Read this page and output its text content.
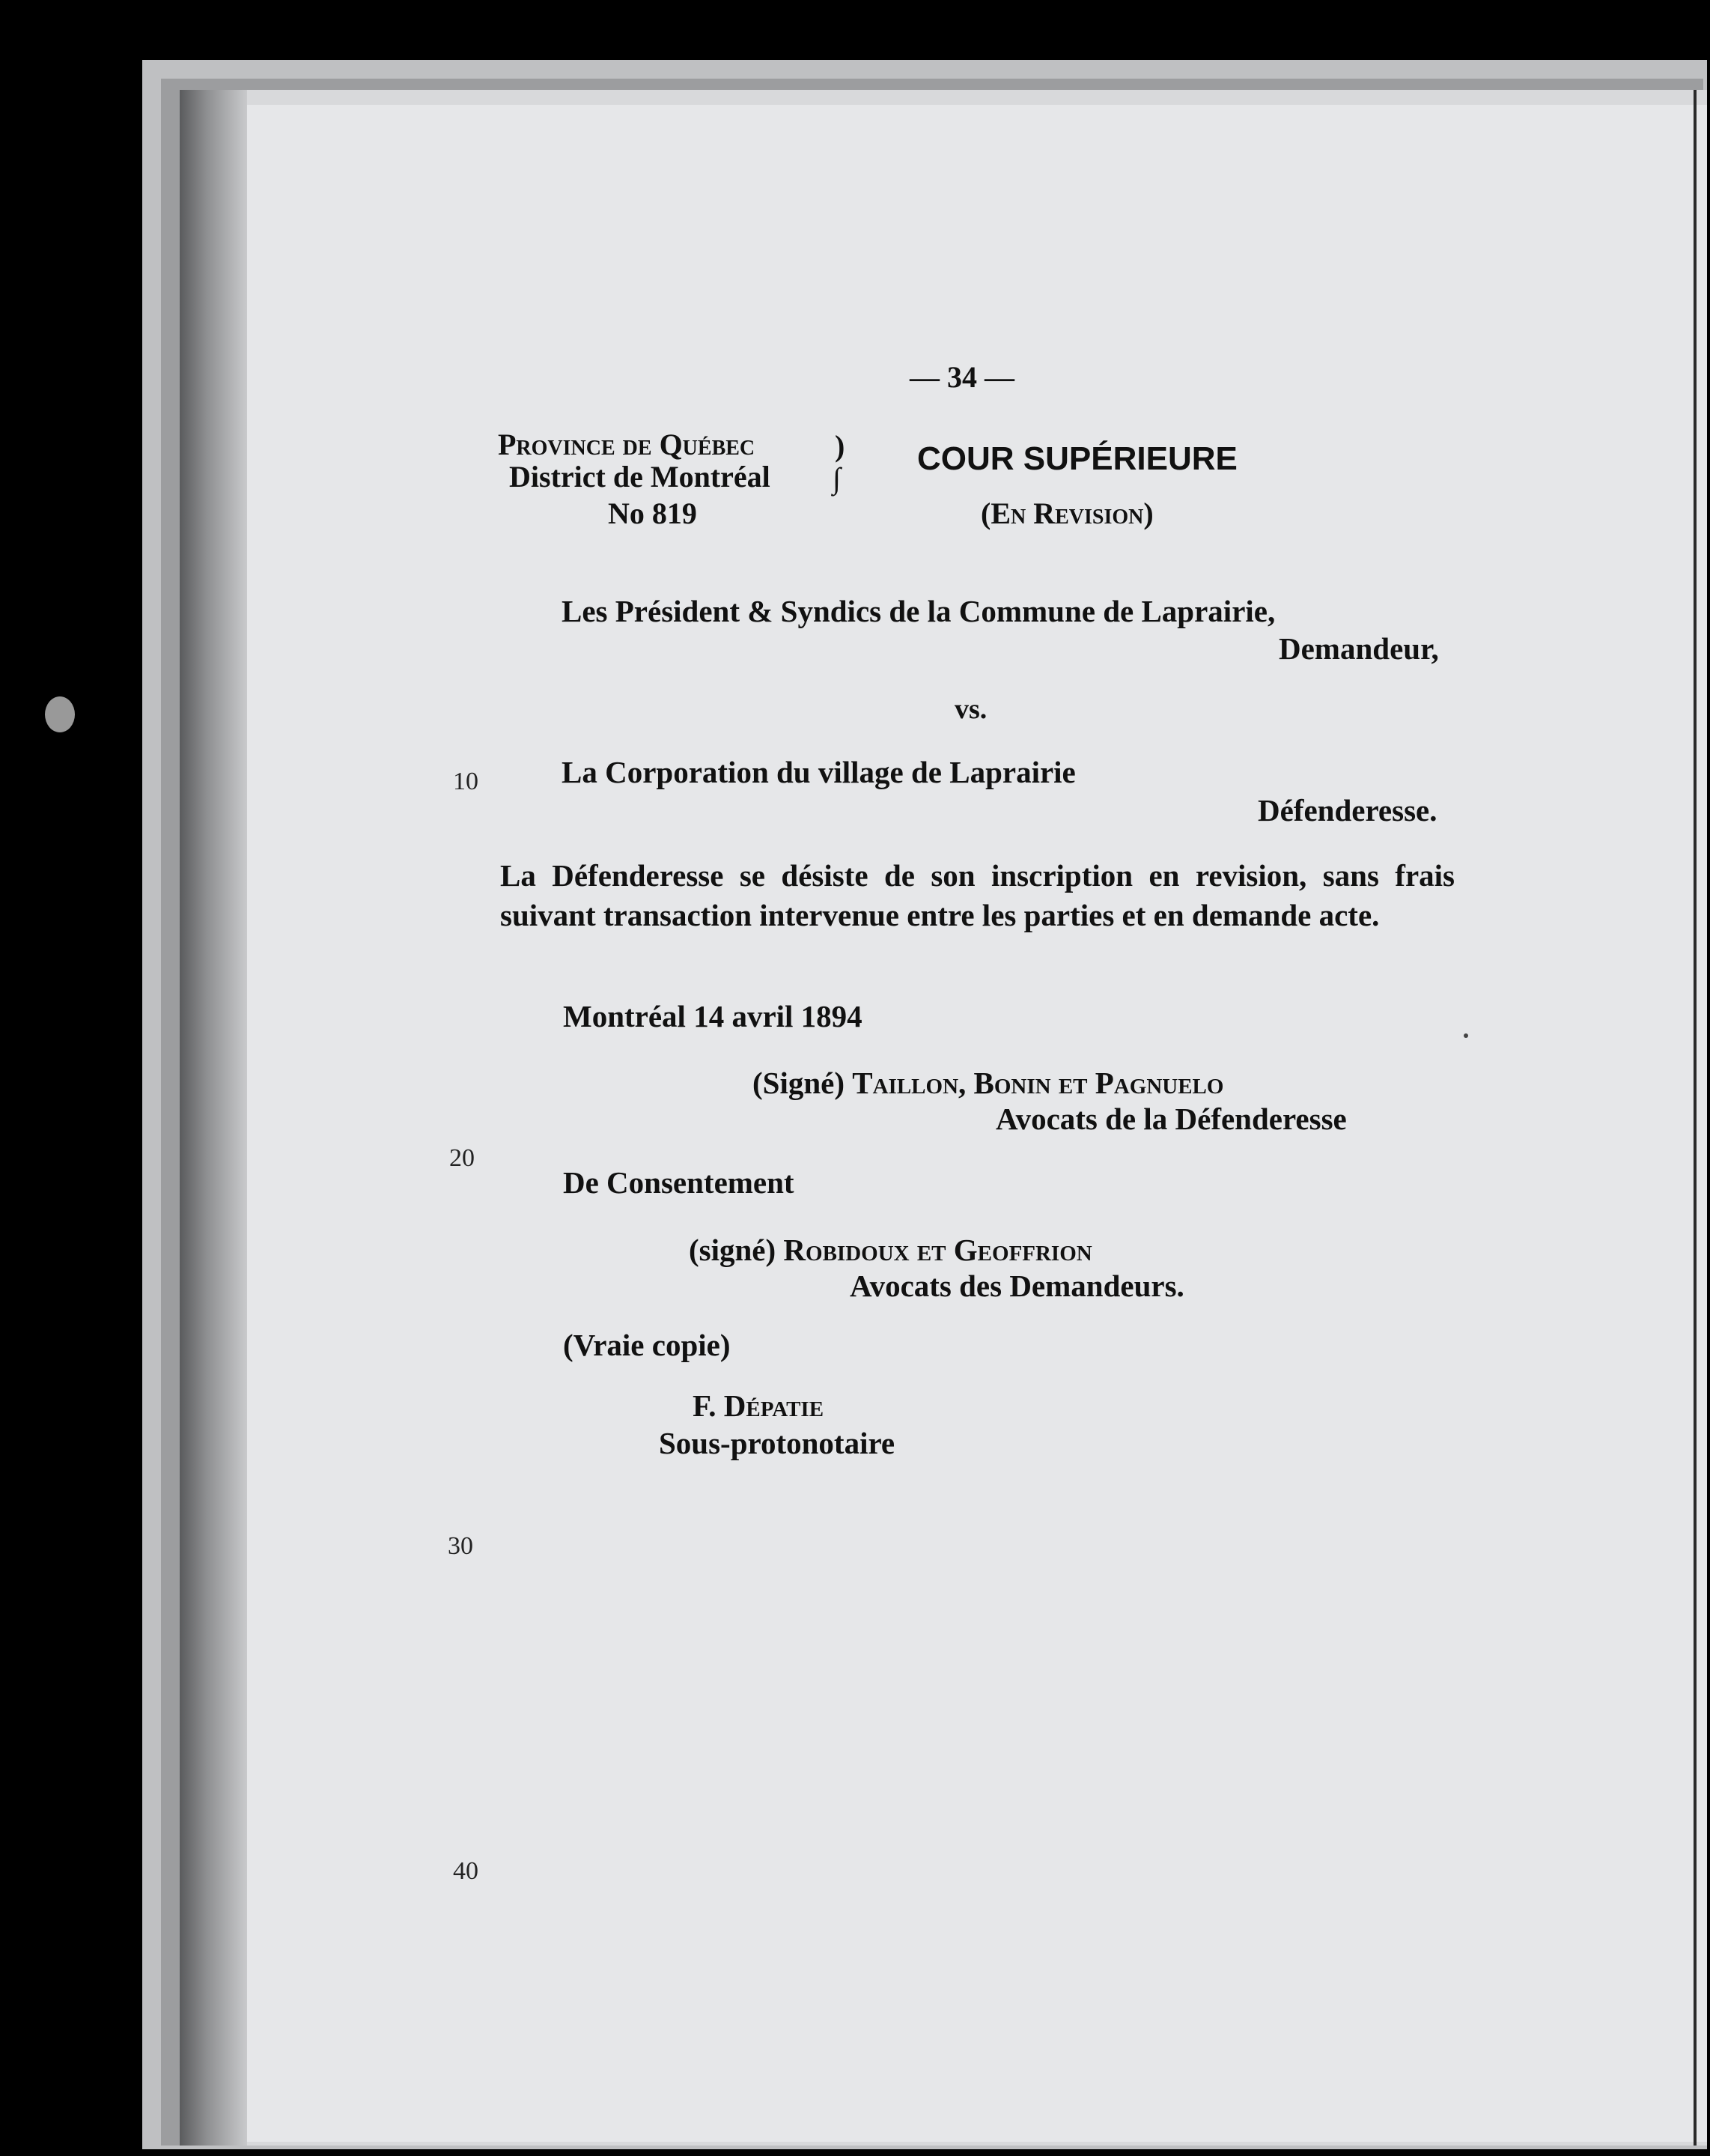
— 34 —
Province de Québec
District de Montréal
No 819
)
∫
COUR SUPÉRIEURE
(En Revision)
Les Président & Syndics de la Commune de Laprairie,
Demandeur,
vs.
La Corporation du village de Laprairie
Défenderesse.
La Défenderesse se désiste de son inscription en revision, sans frais suivant transaction intervenue entre les parties et en demande acte.
Montréal 14 avril 1894
(Signé) Taillon, Bonin et Pagnuelo
Avocats de la Défenderesse
De Consentement
(signé) Robidoux et Geoffrion
Avocats des Demandeurs.
(Vraie copie)
F. Dépatie
Sous-protonotaire
10
20
30
40
